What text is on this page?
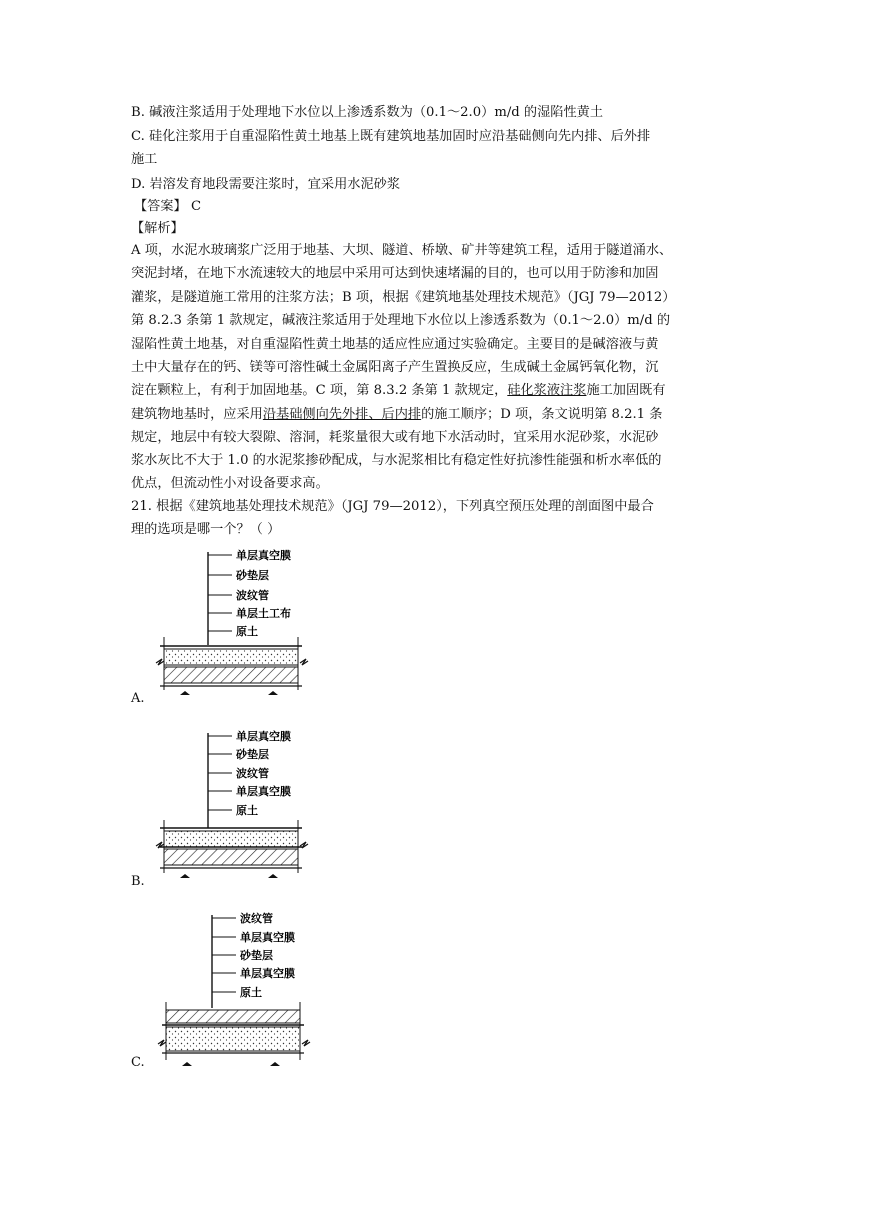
B. 碱液注浆适用于处理地下水位以上渗透系数为（0.1～2.0）m/d 的湿陷性黄土
C. 硅化注浆用于自重湿陷性黄土地基上既有建筑地基加固时应沿基础侧向先内排、后外排
施工
D. 岩溶发育地段需要注浆时，宜采用水泥砂浆
【答案】 C
【解析】
A 项，水泥水玻璃浆广泛用于地基、大坝、隧道、桥墩、矿井等建筑工程，适用于隧道涌水、
突泥封堵，在地下水流速较大的地层中采用可达到快速堵漏的目的，也可以用于防渗和加固
灌浆，是隧道施工常用的注浆方法；B 项，根据《建筑地基处理技术规范》（JGJ 79—2012）
第 8.2.3 条第 1 款规定，碱液注浆适用于处理地下水位以上渗透系数为（0.1～2.0）m/d 的
湿陷性黄土地基，对自重湿陷性黄土地基的适应性应通过实验确定。主要目的是碱溶液与黄
土中大量存在的钙、镁等可溶性碱土金属阳离子产生置换反应，生成碱土金属钙氧化物，沉
淀在颗粒上，有利于加固地基。C 项，第 8.3.2 条第 1 款规定，硅化浆液注浆施工加固既有
建筑物地基时，应采用沿基础侧向先外排、后内排的施工顺序；D 项，条文说明第 8.2.1 条
规定，地层中有较大裂隙、溶洞，耗浆量很大或有地下水活动时，宜采用水泥砂浆，水泥砂
浆水灰比不大于 1.0 的水泥浆掺砂配成，与水泥浆相比有稳定性好抗渗性能强和析水率低的
优点，但流动性小对设备要求高。
21. 根据《建筑地基处理技术规范》（JGJ 79—2012），下列真空预压处理的剖面图中最合
理的选项是哪一个？（ ）
单层真空膜
砂垫层
波纹管
单层土工布
原土
A.
单层真空膜
砂垫层
波纹管
单层真空膜
原土
B.
波纹管
单层真空膜
砂垫层
单层真空膜
原土
C.
